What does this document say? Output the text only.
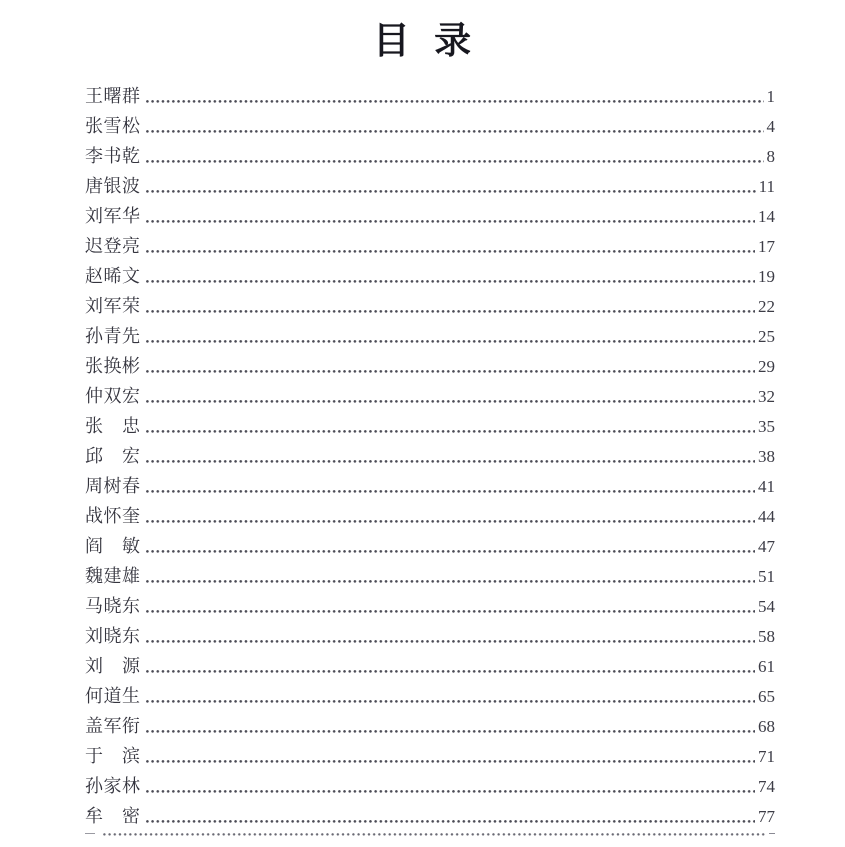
目 录
王曙群	1
张雪松	4
李书乾	8
唐银波	11
刘军华	14
迟登亮	17
赵晞文	19
刘军荣	22
孙青先	25
张换彬	29
仲双宏	32
张　忠	35
邱　宏	38
周树春	41
战怀奎	44
阎　敏	47
魏建雄	51
马晓东	54
刘晓东	58
刘　源	61
何道生	65
盖军衔	68
于　滨	71
孙家林	74
牟　密	77
